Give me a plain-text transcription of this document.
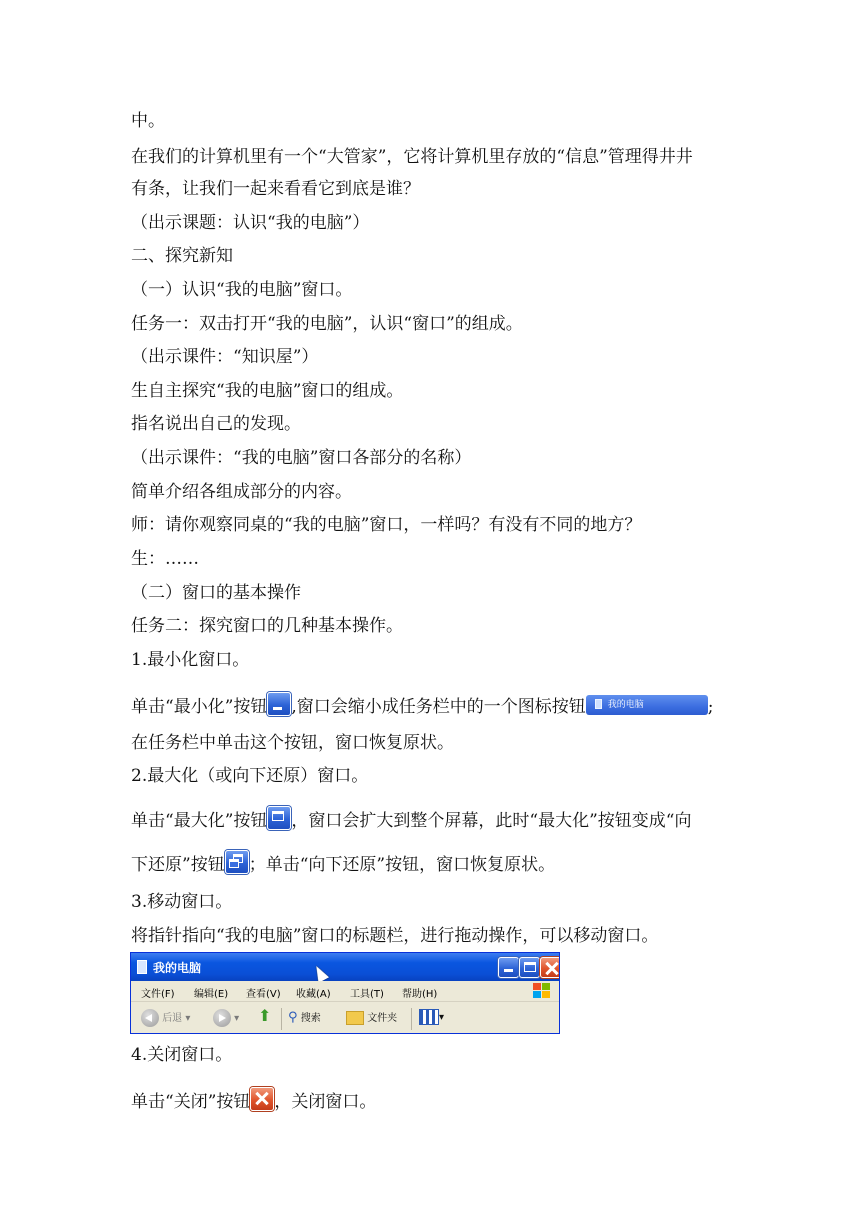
中。
在我们的计算机里有一个“大管家”，它将计算机里存放的“信息”管理得井井
有条，让我们一起来看看它到底是谁？
（出示课题：认识“我的电脑”）
二、探究新知
（一）认识“我的电脑”窗口。
任务一：双击打开“我的电脑”，认识“窗口”的组成。
（出示课件：“知识屋”）
生自主探究“我的电脑”窗口的组成。
指名说出自己的发现。
（出示课件：“我的电脑”窗口各部分的名称）
简单介绍各组成部分的内容。
师：请你观察同桌的“我的电脑”窗口，一样吗？有没有不同的地方？
生：……
（二）窗口的基本操作
任务二：探究窗口的几种基本操作。
1.最小化窗口。
单击“最小化”按钮 ,窗口会缩小成任务栏中的一个图标按钮 我的电脑	;
在任务栏中单击这个按钮，窗口恢复原状。
2.最大化（或向下还原）窗口。
单击“最大化”按钮 ，窗口会扩大到整个屏幕，此时“最大化”按钮变成“向
下还原”按钮 ；单击“向下还原”按钮，窗口恢复原状。
3.移动窗口。
将指针指向“我的电脑”窗口的标题栏，进行拖动操作，可以移动窗口。
我的电脑
文件(F) 编辑(E) 查看(V) 收藏(A) 工具(T) 帮助(H)
后退 ▾	▾ ⬆ ⚲ 搜索	文件夹	▾
4.关闭窗口。
单击“关闭”按钮 ，关闭窗口。
